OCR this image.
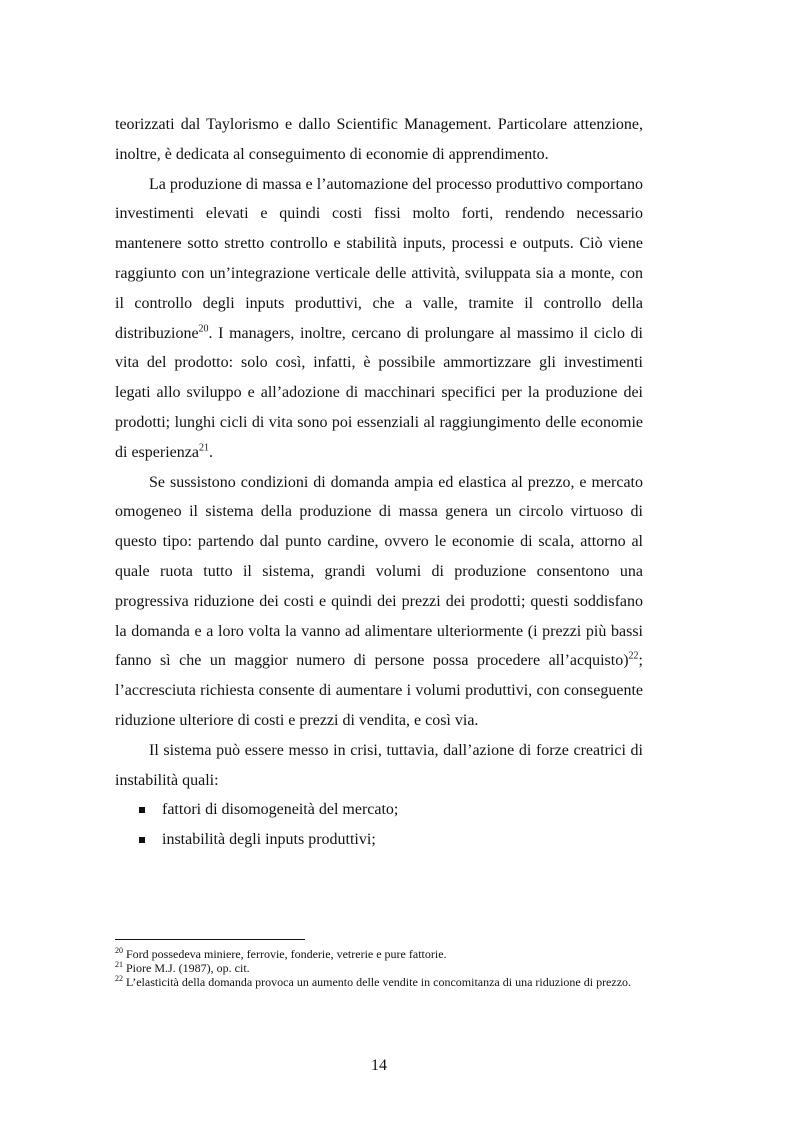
teorizzati dal Taylorismo e dallo Scientific Management. Particolare attenzione, inoltre, è dedicata al conseguimento di economie di apprendimento.

La produzione di massa e l’automazione del processo produttivo comportano investimenti elevati e quindi costi fissi molto forti, rendendo necessario mantenere sotto stretto controllo e stabilità inputs, processi e outputs. Ciò viene raggiunto con un’integrazione verticale delle attività, sviluppata sia a monte, con il controllo degli inputs produttivi, che a valle, tramite il controllo della distribuzione$^{20}$. I managers, inoltre, cercano di prolungare al massimo il ciclo di vita del prodotto: solo così, infatti, è possibile ammortizzare gli investimenti legati allo sviluppo e all’adozione di macchinari specifici per la produzione dei prodotti; lunghi cicli di vita sono poi essenziali al raggiungimento delle economie di esperienza$^{21}$.

Se sussistono condizioni di domanda ampia ed elastica al prezzo, e mercato omogeneo il sistema della produzione di massa genera un circolo virtuoso di questo tipo: partendo dal punto cardine, ovvero le economie di scala, attorno al quale ruota tutto il sistema, grandi volumi di produzione consentono una progressiva riduzione dei costi e quindi dei prezzi dei prodotti; questi soddisfano la domanda e a loro volta la vanno ad alimentare ulteriormente (i prezzi più bassi fanno sì che un maggior numero di persone possa procedere all’acquisto)$^{22}$; l’accresciuta richiesta consente di aumentare i volumi produttivi, con conseguente riduzione ulteriore di costi e prezzi di vendita, e così via.

Il sistema può essere messo in crisi, tuttavia, dall’azione di forze creatrici di instabilità quali:

fattori di disomogeneità del mercato;
instabilità degli inputs produttivi;

$^{20}$ Ford possedeva miniere, ferrovie, fonderie, vetrerie e pure fattorie.

$^{21}$ Piore M.J. (1987), op. cit.

$^{22}$ L’elasticità della domanda provoca un aumento delle vendite in concomitanza di una riduzione di prezzo.

14
